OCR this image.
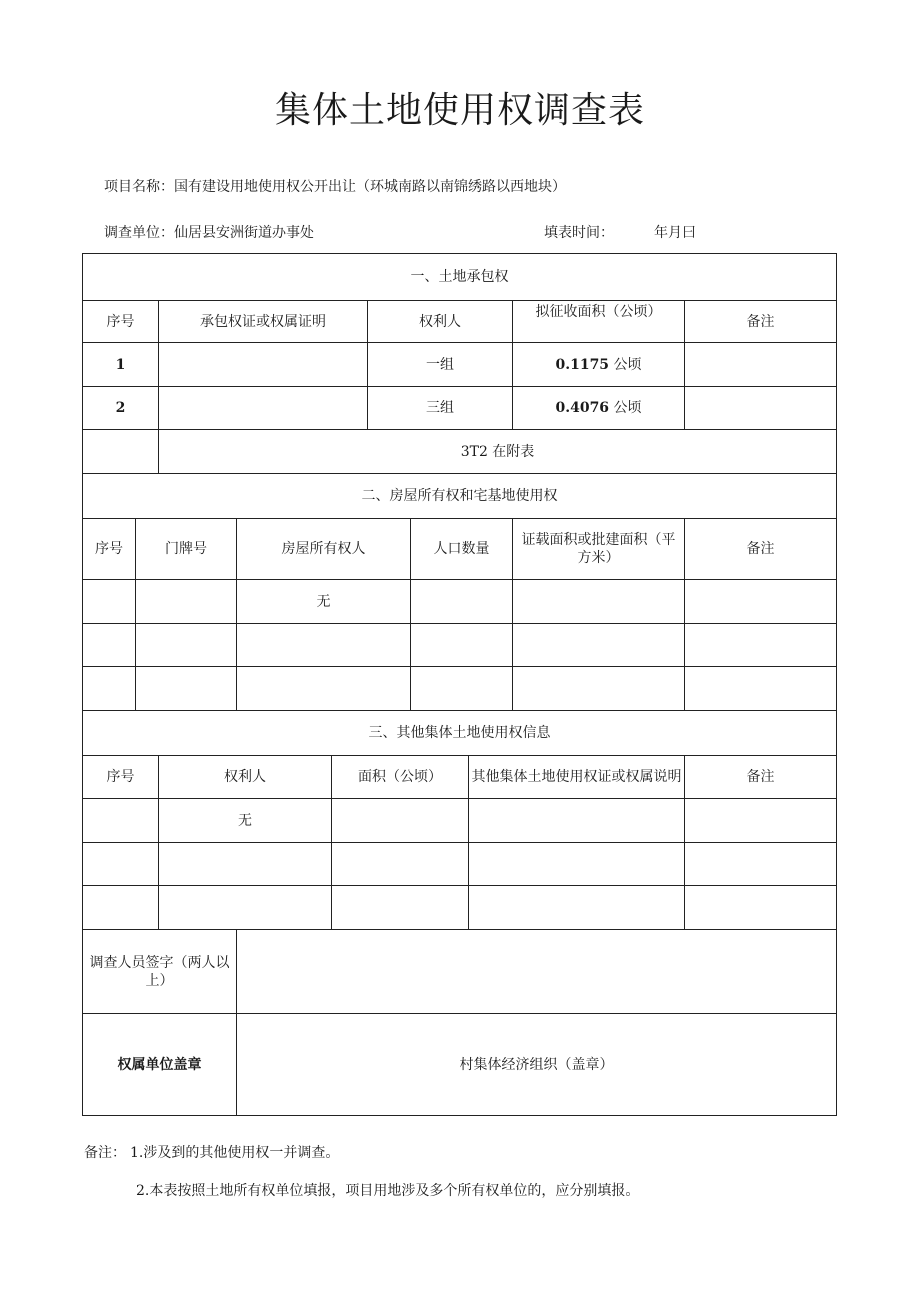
集体土地使用权调查表
项目名称：国有建设用地使用权公开出让（环城南路以南锦绣路以西地块）
调查单位：仙居县安洲街道办事处	填表时间：	年月曰
一、土地承包权				
序号	承包权证或权属证明	权利人	拟征收面积（公顷）	备注
1		一组	0.1175 公顷	
2		三组	0.4076 公顷	
	3T2 在附表			
二、房屋所有权和宅基地使用权					
序号	门牌号	房屋所有权人	人口数量	证载面积或批建面积（平方米）	备注
		无			

三、其他集体土地使用权信息				
序号	权利人	面积（公顷）	其他集体土地使用权证或权属说明	备注
	无			

调查人员签字（两人以上）	
权属单位盖章	村集体经济组织（盖章）
备注： 1.涉及到的其他使用权一并调查。
2.本表按照土地所有权单位填报，项目用地涉及多个所有权单位的，应分别填报。
